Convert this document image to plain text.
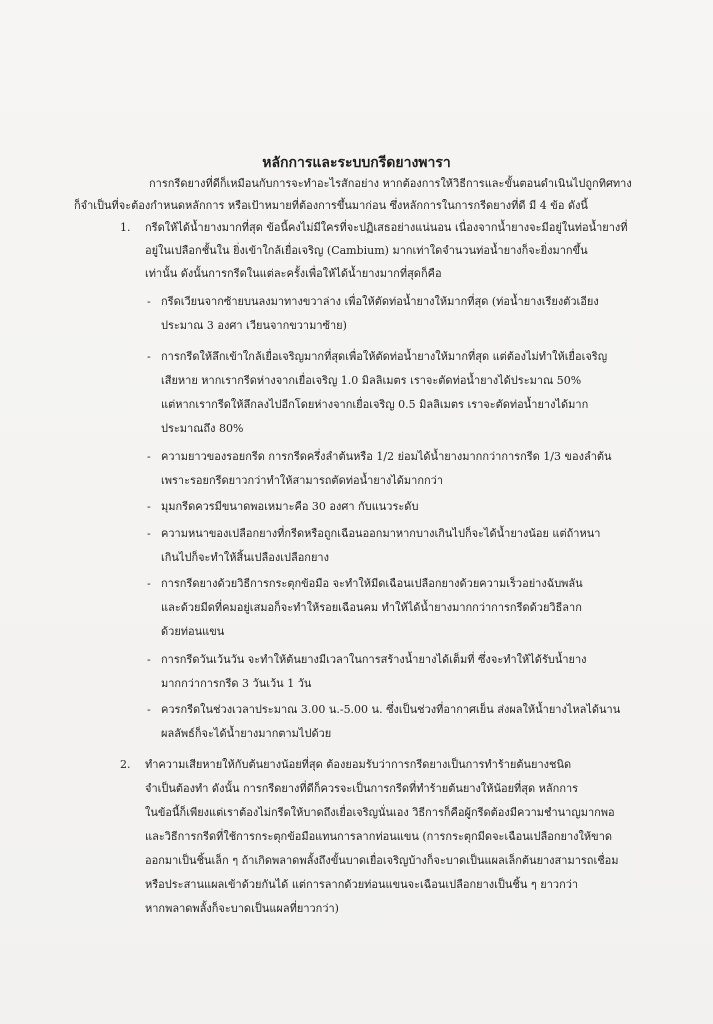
หลักการและระบบกรีดยางพารา
การกรีดยางที่ดีก็เหมือนกับการจะทำอะไรสักอย่าง หากต้องการให้วิธีการและขั้นตอนดำเนินไปถูกทิศทาง
ก็จำเป็นที่จะต้องกำหนดหลักการ หรือเป้าหมายที่ต้องการขึ้นมาก่อน ซึ่งหลักการในการกรีดยางที่ดี มี 4 ข้อ ดังนี้
1. กรีดให้ได้น้ำยางมากที่สุด ข้อนี้คงไม่มีใครที่จะปฏิเสธอย่างแน่นอน เนื่องจากน้ำยางจะมีอยู่ในท่อน้ำยางที่
อยู่ในเปลือกชั้นใน ยิ่งเข้าใกล้เยื่อเจริญ (Cambium) มากเท่าใดจำนวนท่อน้ำยางก็จะยิ่งมากขึ้น
เท่านั้น ดังนั้นการกรีดในแต่ละครั้งเพื่อให้ได้น้ำยางมากที่สุดก็คือ
- กรีดเวียนจากซ้ายบนลงมาทางขวาล่าง เพื่อให้ตัดท่อน้ำยางให้มากที่สุด (ท่อน้ำยางเรียงตัวเอียง
ประมาณ 3 องศา เวียนจากขวามาซ้าย)
- การกรีดให้ลึกเข้าใกล้เยื่อเจริญมากที่สุดเพื่อให้ตัดท่อน้ำยางให้มากที่สุด แต่ต้องไม่ทำให้เยื่อเจริญ
เสียหาย หากเรากรีดห่างจากเยื่อเจริญ 1.0 มิลลิเมตร เราจะตัดท่อน้ำยางได้ประมาณ 50%
แต่หากเรากรีดให้ลึกลงไปอีกโดยห่างจากเยื่อเจริญ 0.5 มิลลิเมตร เราจะตัดท่อน้ำยางได้มาก
ประมาณถึง 80%
- ความยาวของรอยกรีด การกรีดครึ่งลำต้นหรือ 1/2 ย่อมได้น้ำยางมากกว่าการกรีด 1/3 ของลำต้น
เพราะรอยกรีดยาวกว่าทำให้สามารถตัดท่อน้ำยางได้มากกว่า
- มุมกรีดควรมีขนาดพอเหมาะคือ 30 องศา กับแนวระดับ
- ความหนาของเปลือกยางที่กรีดหรือถูกเฉือนออกมาหากบางเกินไปก็จะได้น้ำยางน้อย แต่ถ้าหนา
เกินไปก็จะทำให้สิ้นเปลืองเปลือกยาง
- การกรีดยางด้วยวิธีการกระตุกข้อมือ จะทำให้มีดเฉือนเปลือกยางด้วยความเร็วอย่างฉับพลัน
และด้วยมีดที่คมอยู่เสมอก็จะทำให้รอยเฉือนคม ทำให้ได้น้ำยางมากกว่าการกรีดด้วยวิธีลาก
ด้วยท่อนแขน
- การกรีดวันเว้นวัน จะทำให้ต้นยางมีเวลาในการสร้างน้ำยางได้เต็มที่ ซึ่งจะทำให้ได้รับน้ำยาง
มากกว่าการกรีด 3 วันเว้น 1 วัน
- ควรกรีดในช่วงเวลาประมาณ 3.00 น.-5.00 น. ซึ่งเป็นช่วงที่อากาศเย็น ส่งผลให้น้ำยางไหลได้นาน
ผลลัพธ์ก็จะได้น้ำยางมากตามไปด้วย
2. ทำความเสียหายให้กับต้นยางน้อยที่สุด ต้องยอมรับว่าการกรีดยางเป็นการทำร้ายต้นยางชนิด
จำเป็นต้องทำ ดังนั้น การกรีดยางที่ดีก็ควรจะเป็นการกรีดที่ทำร้ายต้นยางให้น้อยที่สุด หลักการ
ในข้อนี้ก็เพียงแต่เราต้องไม่กรีดให้บาดถึงเยื่อเจริญนั่นเอง วิธีการก็คือผู้กรีดต้องมีความชำนาญมากพอ
และวิธีการกรีดที่ใช้การกระตุกข้อมือแทนการลากท่อนแขน (การกระตุกมีดจะเฉือนเปลือกยางให้ขาด
ออกมาเป็นชิ้นเล็ก ๆ ถ้าเกิดพลาดพลั้งถึงขั้นบาดเยื่อเจริญบ้างก็จะบาดเป็นแผลเล็กต้นยางสามารถเชื่อม
หรือประสานแผลเข้าด้วยกันได้ แต่การลากด้วยท่อนแขนจะเฉือนเปลือกยางเป็นชิ้น ๆ ยาวกว่า
หากพลาดพลั้งก็จะบาดเป็นแผลที่ยาวกว่า)
